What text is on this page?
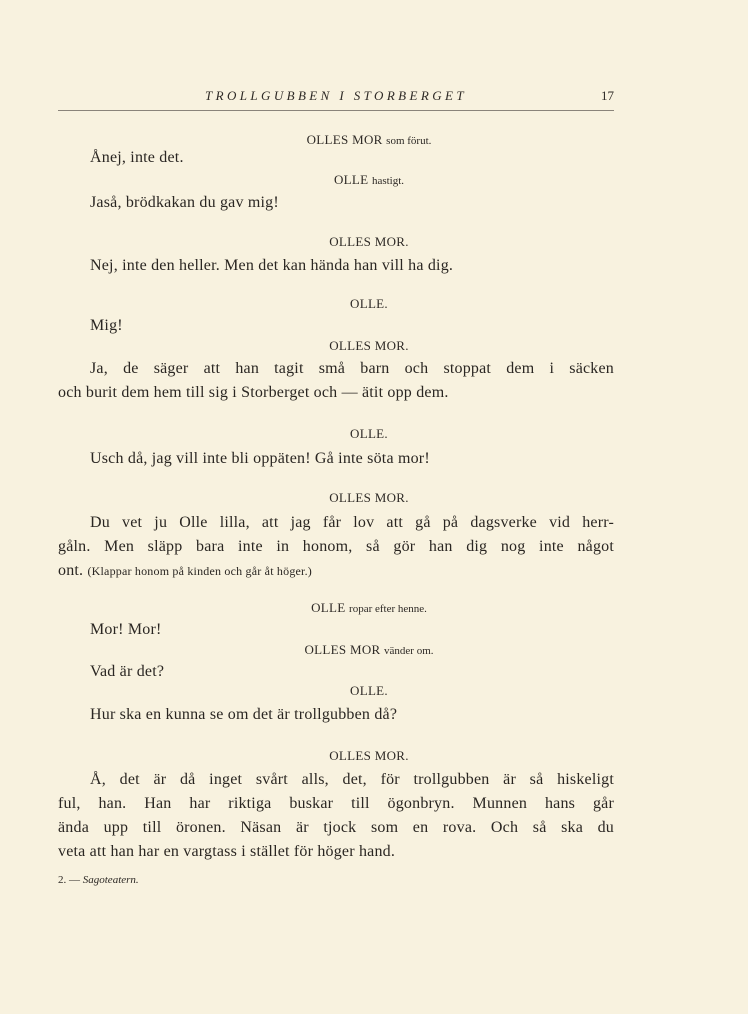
TROLLGUBBEN I STORBERGET	17
OLLES MOR som förut.
Ånej, inte det.
OLLE hastigt.
Jaså, brödkakan du gav mig!
OLLES MOR.
Nej, inte den heller. Men det kan hända han vill ha dig.
OLLE.
Mig!
OLLES MOR.
Ja, de säger att han tagit små barn och stoppat dem i säcken
och burit dem hem till sig i Storberget och — ätit opp dem.
OLLE.
Usch då, jag vill inte bli oppäten! Gå inte söta mor!
OLLES MOR.
Du vet ju Olle lilla, att jag får lov att gå på dagsverke vid herr-
gåln. Men släpp bara inte in honom, så gör han dig nog inte något
ont. (Klappar honom på kinden och går åt höger.)
OLLE ropar efter henne.
Mor! Mor!
OLLES MOR vänder om.
Vad är det?
OLLE.
Hur ska en kunna se om det är trollgubben då?
OLLES MOR.
Å, det är då inget svårt alls, det, för trollgubben är så hiskeligt
ful, han. Han har riktiga buskar till ögonbryn. Munnen hans går
ända upp till öronen. Näsan är tjock som en rova. Och så ska du
veta att han har en vargtass i stället för höger hand.
2. — Sagoteatern.
